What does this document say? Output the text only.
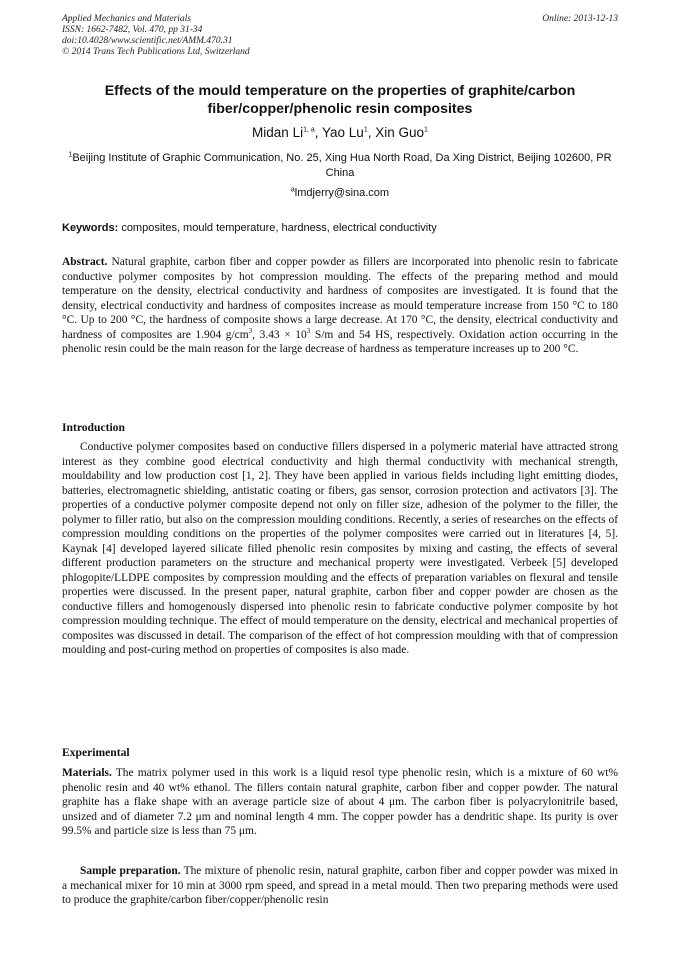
Applied Mechanics and Materials
ISSN: 1662-7482, Vol. 470, pp 31-34
doi:10.4028/www.scientific.net/AMM.470.31
© 2014 Trans Tech Publications Ltd, Switzerland
Online: 2013-12-13
Effects of the mould temperature on the properties of graphite/carbon fiber/copper/phenolic resin composites
Midan Li$^{1, a}$, Yao Lu$^1$, Xin Guo$^1$
$^1$Beijing Institute of Graphic Communication, No. 25, Xing Hua North Road, Da Xing District, Beijing 102600, PR China
$^a$lmdjerry@sina.com
Keywords: composites, mould temperature, hardness, electrical conductivity

Abstract. Natural graphite, carbon fiber and copper powder as fillers are incorporated into phenolic resin to fabricate conductive polymer composites by hot compression moulding. The effects of the preparing method and mould temperature on the density, electrical conductivity and hardness of composites are investigated. It is found that the density, electrical conductivity and hardness of composites increase as mould temperature increase from 150 °C to 180 °C. Up to 200 °C, the hardness of composite shows a large decrease. At 170 °C, the density, electrical conductivity and hardness of composites are 1.904 $g/cm^3$, $3.43 \times 10^3$ S/m and 54 HS, respectively. Oxidation action occurring in the phenolic resin could be the main reason for the large decrease of hardness as temperature increases up to 200 °C.

Introduction

Conductive polymer composites based on conductive fillers dispersed in a polymeric material have attracted strong interest as they combine good electrical conductivity and high thermal conductivity with mechanical strength, mouldability and low production cost [1, 2]. They have been applied in various fields including light emitting diodes, batteries, electromagnetic shielding, antistatic coating or fibers, gas sensor, corrosion protection and activators [3]. The properties of a conductive polymer composite depend not only on filler size, adhesion of the polymer to the filler, the polymer to filler ratio, but also on the compression moulding conditions. Recently, a series of researches on the effects of compression moulding conditions on the properties of the polymer composites were carried out in literatures [4, 5]. Kaynak [4] developed layered silicate filled phenolic resin composites by mixing and casting, the effects of several different production parameters on the structure and mechanical property were investigated. Verbeek [5] developed phlogopite/LLDPE composites by compression moulding and the effects of preparation variables on flexural and tensile properties were discussed. In the present paper, natural graphite, carbon fiber and copper powder are chosen as the conductive fillers and homogenously dispersed into phenolic resin to fabricate conductive polymer composite by hot compression moulding technique. The effect of mould temperature on the density, electrical and mechanical properties of composites was discussed in detail. The comparison of the effect of hot compression moulding with that of compression moulding and post-curing method on properties of composites is also made.

Experimental

Materials. The matrix polymer used in this work is a liquid resol type phenolic resin, which is a mixture of 60 wt% phenolic resin and 40 wt% ethanol. The fillers contain natural graphite, carbon fiber and copper powder. The natural graphite has a flake shape with an average particle size of about 4 μm. The carbon fiber is polyacrylonitrile based, unsized and of diameter 7.2 μm and nominal length 4 mm. The copper powder has a dendritic shape. Its purity is over 99.5% and particle size is less than 75 μm.

Sample preparation. The mixture of phenolic resin, natural graphite, carbon fiber and copper powder was mixed in a mechanical mixer for 10 min at 3000 rpm speed, and spread in a metal mould. Then two preparing methods were used to produce the graphite/carbon fiber/copper/phenolic resin
